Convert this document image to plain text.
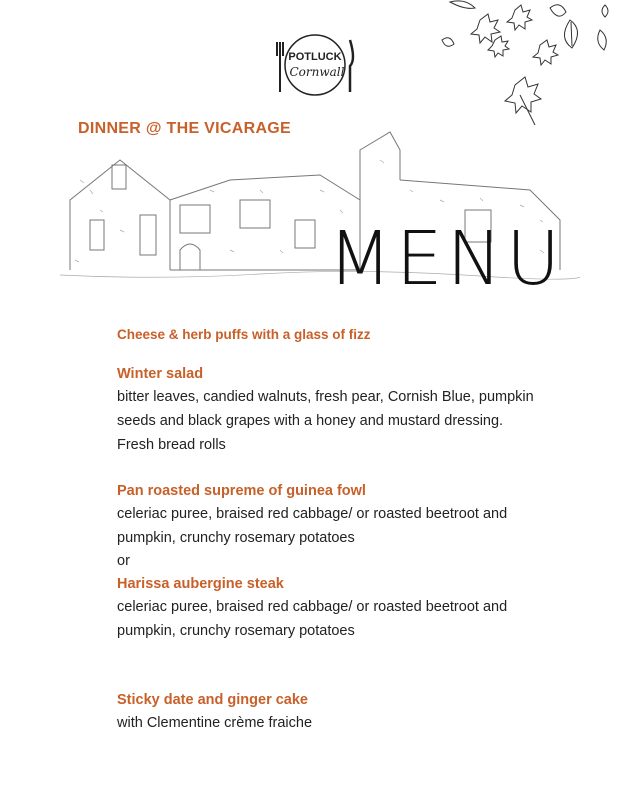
POTLUCK
Cornwall
DINNER @ THE VICARAGE
MENU
Cheese & herb puffs with a glass of fizz
Winter salad
bitter leaves, candied walnuts, fresh pear, Cornish Blue, pumpkin
seeds and black grapes with a honey and mustard dressing.
Fresh bread rolls
Pan roasted supreme of guinea fowl
celeriac puree, braised red cabbage/ or roasted beetroot and
pumpkin, crunchy rosemary potatoes
or
Harissa aubergine steak
celeriac puree, braised red cabbage/ or roasted beetroot and
pumpkin, crunchy rosemary potatoes
Sticky date and ginger cake
with Clementine crème fraiche
